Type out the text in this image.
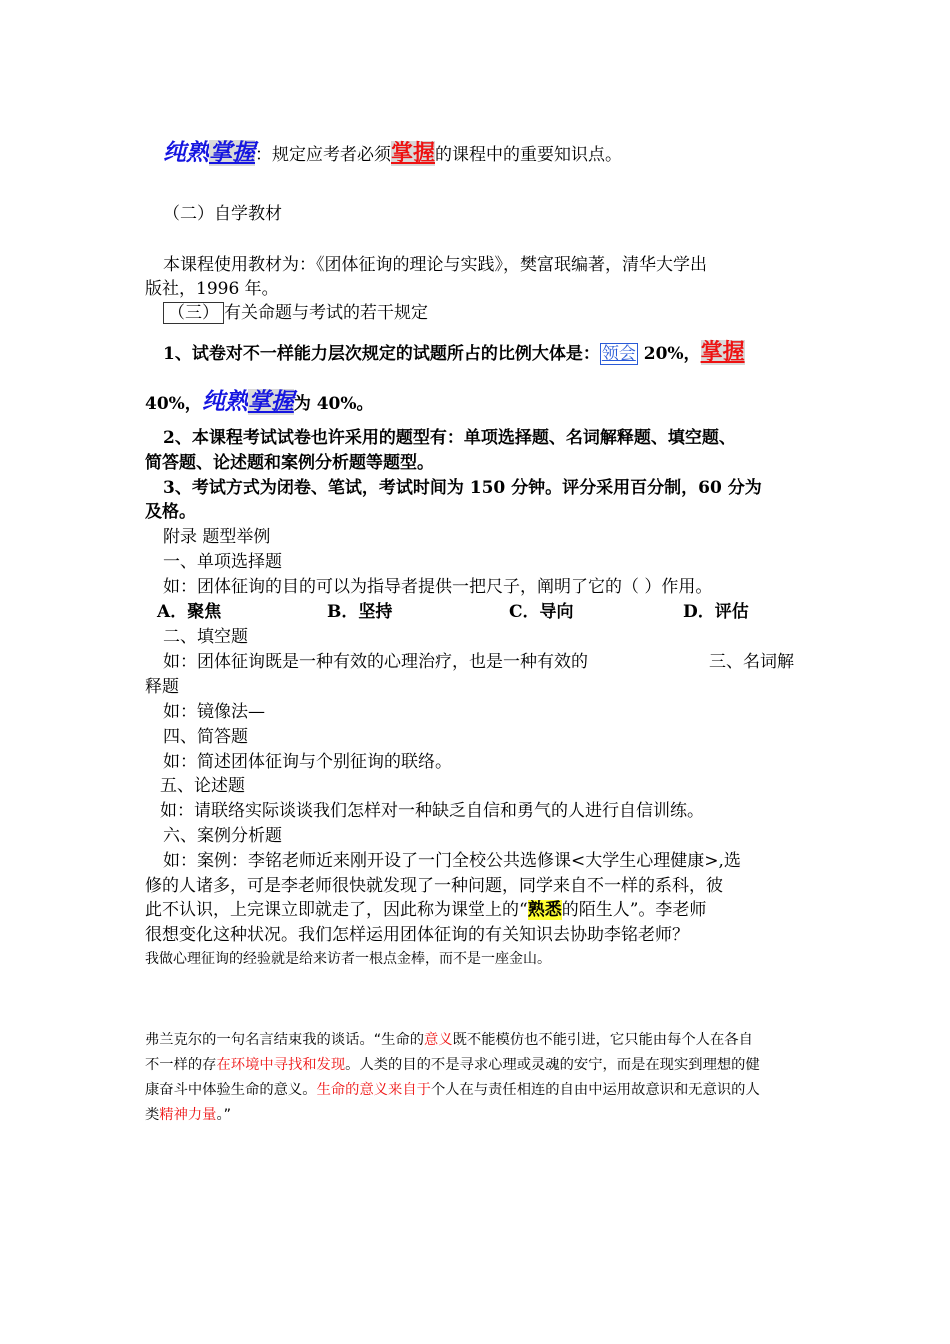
纯熟掌握：规定应考者必须掌握的课程中的重要知识点。
（二）自学教材
本课程使用教材为：《团体征询的理论与实践》，樊富珉编著，清华大学出
版社，1996 年。
（三） 有关命题与考试的若干规定
1、试卷对不一样能力层次规定的试题所占的比例大体是： 领会 20%，掌握
40%，纯熟掌握为 40%。
2、本课程考试试卷也许采用的题型有：单项选择题、名词解释题、填空题、
简答题、论述题和案例分析题等题型。
3、考试方式为闭卷、笔试，考试时间为 150 分钟。评分采用百分制，60 分为
及格。
附录 题型举例
一、单项选择题
如：团体征询的目的可以为指导者提供一把尺子，阐明了它的（ ）作用。
A．聚焦	B．坚持	C．导向	D．评估
二、填空题
如：团体征询既是一种有效的心理治疗，也是一种有效的	三、名词解
释题
如：镜像法—
四、简答题
如：简述团体征询与个别征询的联络。
五、论述题
如：请联络实际谈谈我们怎样对一种缺乏自信和勇气的人进行自信训练。
六、案例分析题
如：案例：李铭老师近来刚开设了一门全校公共选修课<大学生心理健康>,选
修的人诸多，可是李老师很快就发现了一种问题，同学来自不一样的系科，彼
此不认识，上完课立即就走了，因此称为课堂上的“熟悉的陌生人”。李老师
很想变化这种状况。我们怎样运用团体征询的有关知识去协助李铭老师？
我做心理征询的经验就是给来访者一根点金棒，而不是一座金山。
弗兰克尔的一句名言结束我的谈话。“生命的意义既不能模仿也不能引进，它只能由每个人在各自
不一样的存在环境中寻找和发现。人类的目的不是寻求心理或灵魂的安宁，而是在现实到理想的健
康奋斗中体验生命的意义。生命的意义来自于个人在与责任相连的自由中运用故意识和无意识的人
类精神力量。”
